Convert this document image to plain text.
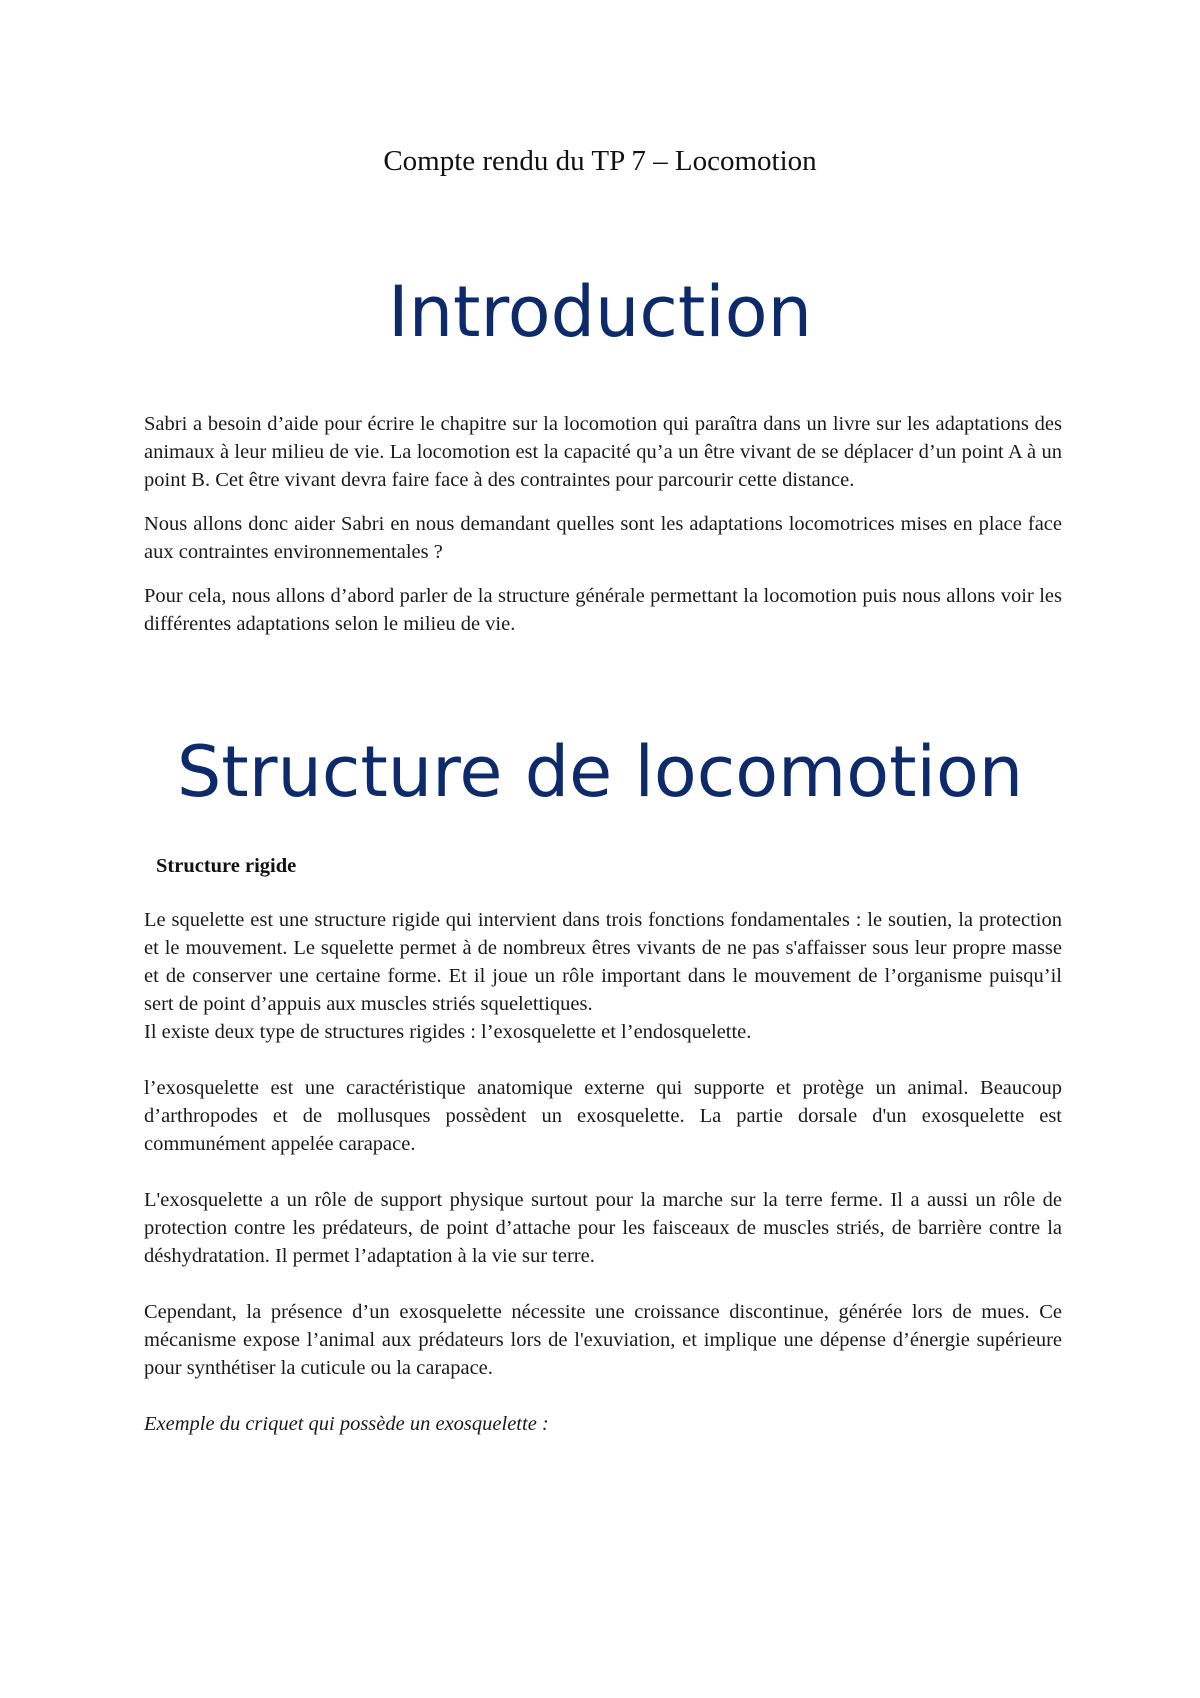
Compte rendu du TP 7 – Locomotion
Introduction

Sabri a besoin d’aide pour écrire le chapitre sur la locomotion qui paraîtra dans un livre sur les adaptations des animaux à leur milieu de vie. La locomotion est la capacité qu’a un être vivant de se déplacer d’un point A à un point B. Cet être vivant devra faire face à des contraintes pour parcourir cette distance.

Nous allons donc aider Sabri en nous demandant quelles sont les adaptations locomotrices mises en place face aux contraintes environnementales ?

Pour cela, nous allons d’abord parler de la structure générale permettant la locomotion puis nous allons voir les différentes adaptations selon le milieu de vie.

Structure de locomotion
Structure rigide

Le squelette est une structure rigide qui intervient dans trois fonctions fondamentales : le soutien, la protection et le mouvement. Le squelette permet à de nombreux êtres vivants de ne pas s'affaisser sous leur propre masse et de conserver une certaine forme. Et il joue un rôle important dans le mouvement de l’organisme puisqu’il sert de point d’appuis aux muscles striés squelettiques.

Il existe deux type de structures rigides : l’exosquelette et l’endosquelette.

l’exosquelette est une caractéristique anatomique externe qui supporte et protège un animal. Beaucoup d’arthropodes et de mollusques possèdent un exosquelette. La partie dorsale d'un exosquelette est communément appelée carapace.

L'exosquelette a un rôle de support physique surtout pour la marche sur la terre ferme. Il a aussi un rôle de protection contre les prédateurs, de point d’attache pour les faisceaux de muscles striés, de barrière contre la déshydratation. Il permet l’adaptation à la vie sur terre.

Cependant, la présence d’un exosquelette nécessite une croissance discontinue, générée lors de mues. Ce mécanisme expose l’animal aux prédateurs lors de l'exuviation, et implique une dépense d’énergie supérieure pour synthétiser la cuticule ou la carapace.

Exemple du criquet qui possède un exosquelette :
